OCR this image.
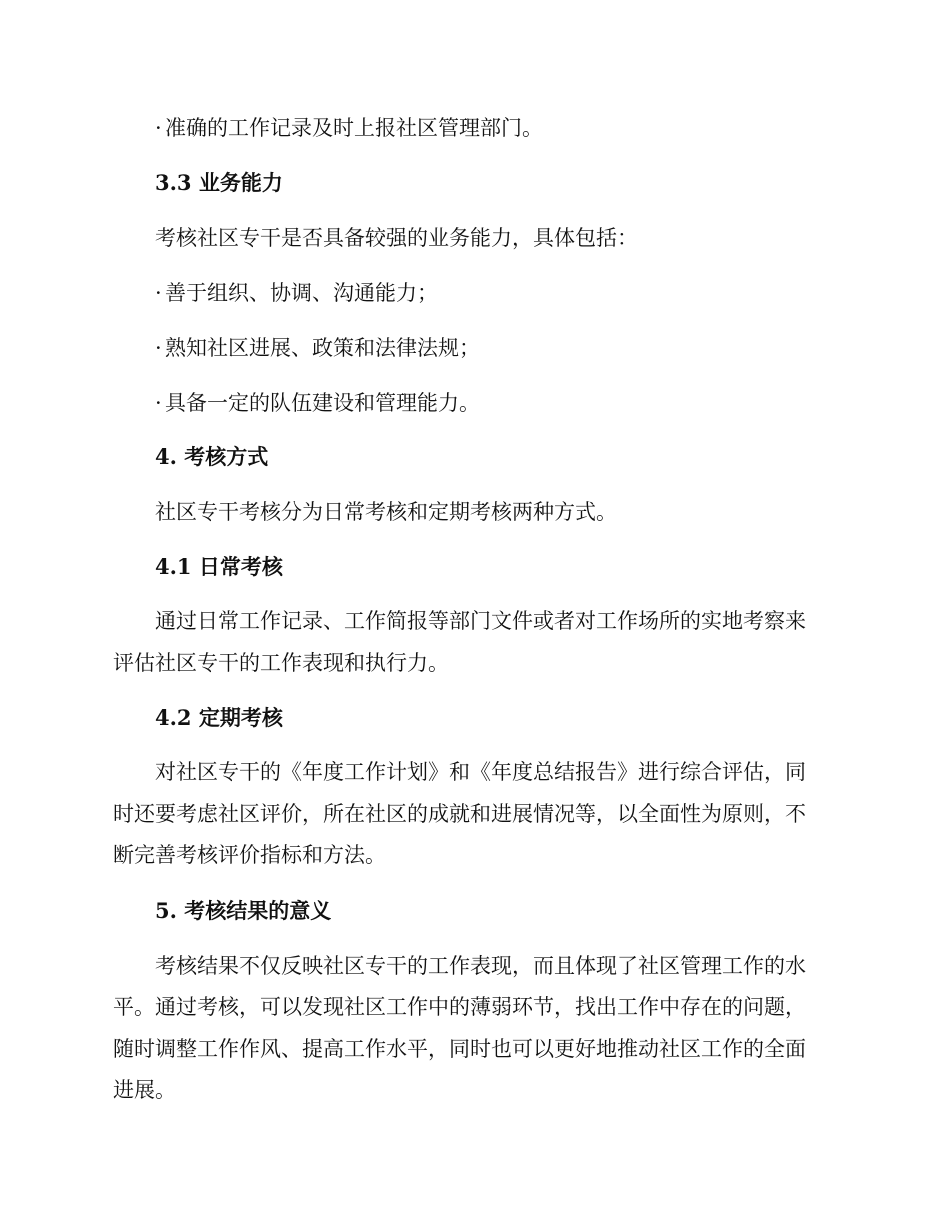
· 准确的工作记录及时上报社区管理部门。
3.3 业务能力
考核社区专干是否具备较强的业务能力，具体包括：
· 善于组织、协调、沟通能力；
· 熟知社区进展、政策和法律法规；
· 具备一定的队伍建设和管理能力。
4. 考核方式
社区专干考核分为日常考核和定期考核两种方式。
4.1 日常考核
通过日常工作记录、工作简报等部门文件或者对工作场所的实地考察来
评估社区专干的工作表现和执行力。
4.2 定期考核
对社区专干的《年度工作计划》和《年度总结报告》进行综合评估，同
时还要考虑社区评价，所在社区的成就和进展情况等，以全面性为原则，不
断完善考核评价指标和方法。
5. 考核结果的意义
考核结果不仅反映社区专干的工作表现，而且体现了社区管理工作的水
平。通过考核，可以发现社区工作中的薄弱环节，找出工作中存在的问题，
随时调整工作作风、提高工作水平，同时也可以更好地推动社区工作的全面
进展。
